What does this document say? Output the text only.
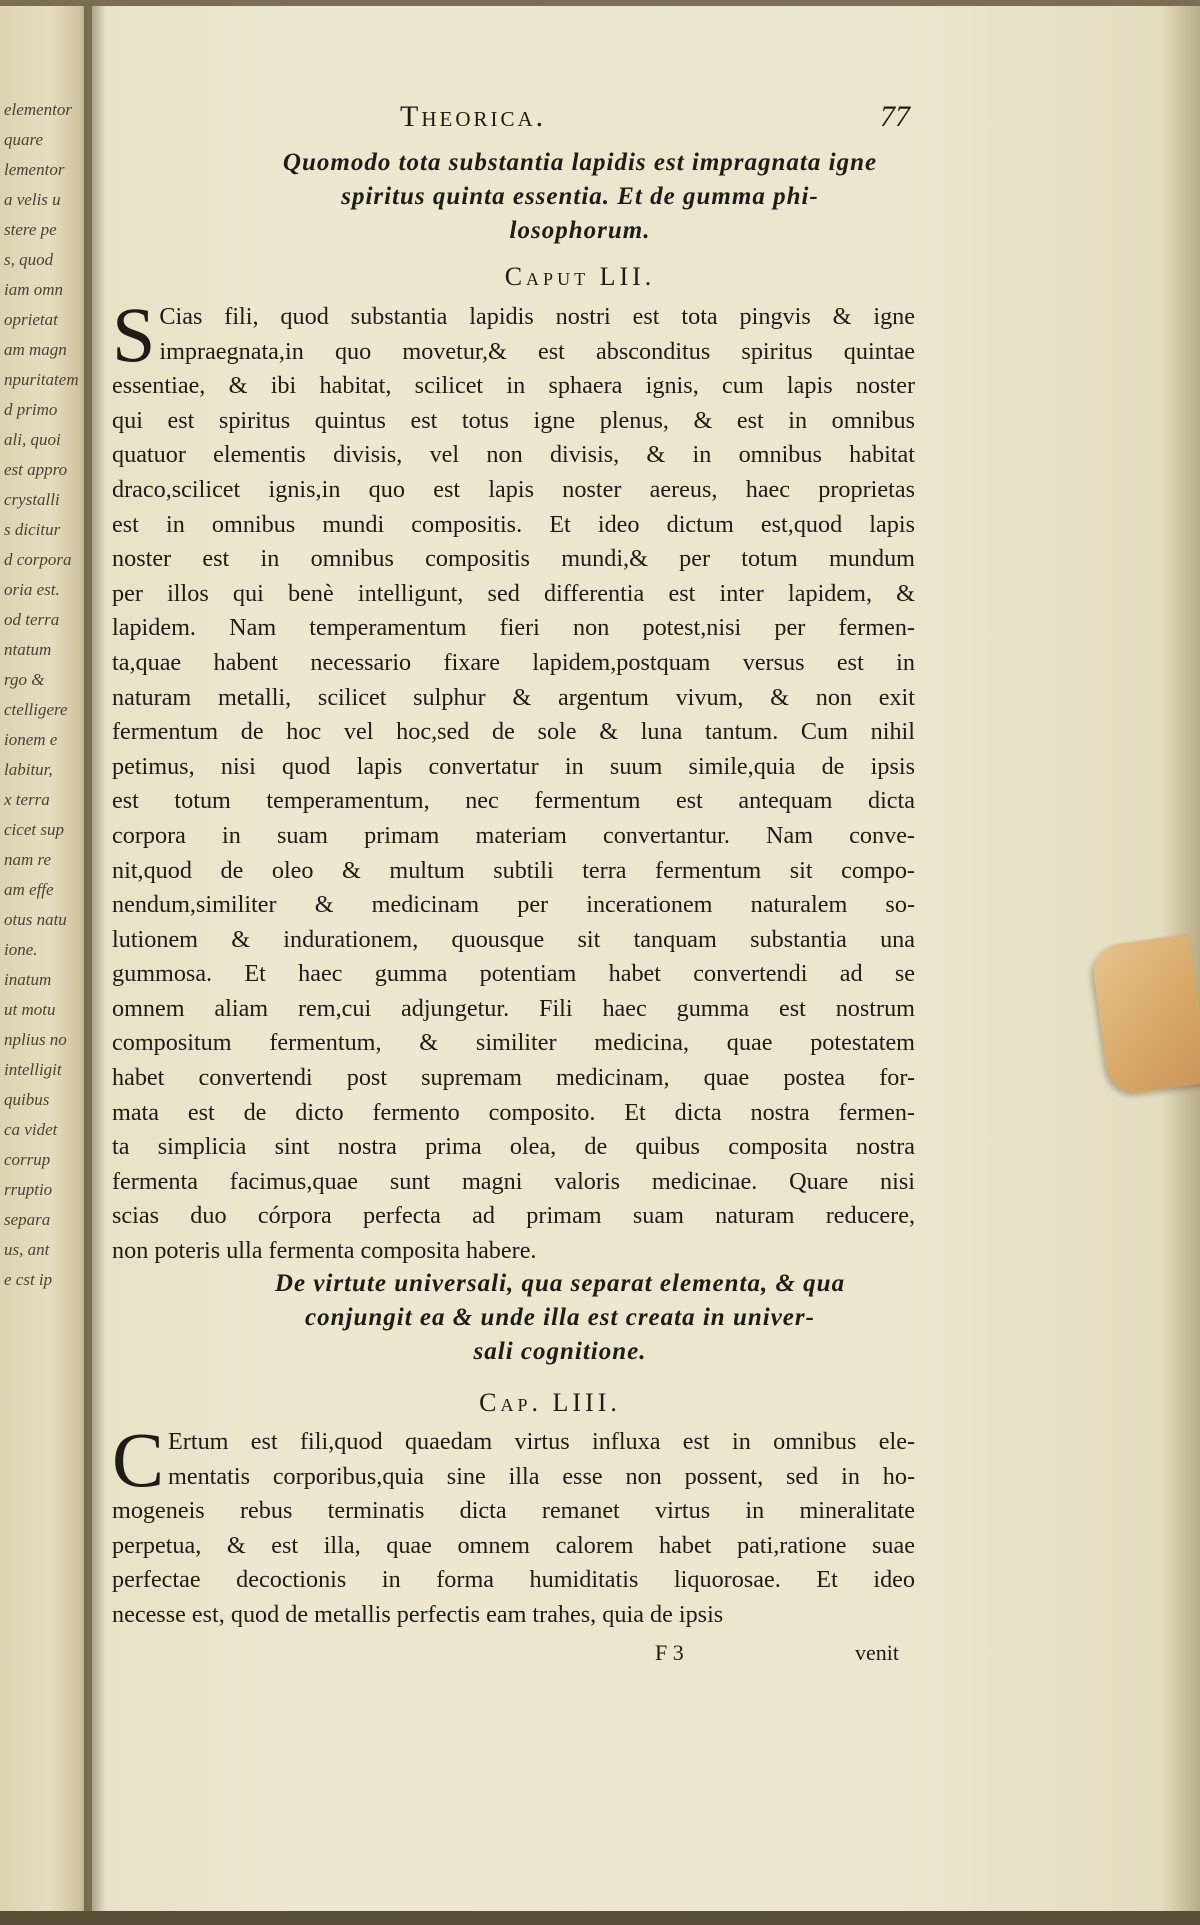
elementor
quare
lementor
a velis u
stere pe
s, quod
iam omn
oprietat
am magn
npuritatem
d primo
ali, quoi
est appro
crystalli
s dicitur
d corpora
oria est.
od terra
ntatum
rgo &
ctelligere
ionem e
labitur,
x terra
cicet sup
nam re
am effe
otus natu
ione.
inatum
ut motu
nplius no
intelligit
quibus
ca videt
corrup
rruptio
separa
us, ant
e cst ip
Theorica.	77
Quomodo tota substantia lapidis est impragnata igne
spiritus quinta essentia. Et de gumma phi-
losophorum.
Caput LII.
S Cias fili, quod substantia lapidis nostri est tota pingvis & igne
impraegnata,in quo movetur,& est absconditus spiritus quintae
essentiae, & ibi habitat, scilicet in sphaera ignis, cum lapis noster
qui est spiritus quintus est totus igne plenus, & est in omnibus
quatuor elementis divisis, vel non divisis, & in omnibus habitat
draco,scilicet ignis,in quo est lapis noster aereus, haec proprietas
est in omnibus mundi compositis. Et ideo dictum est,quod lapis
noster est in omnibus compositis mundi,& per totum mundum
per illos qui benè intelligunt, sed differentia est inter lapidem, &
lapidem. Nam temperamentum fieri non potest,nisi per fermen-
ta,quae habent necessario fixare lapidem,postquam versus est in
naturam metalli, scilicet sulphur & argentum vivum, & non exit
fermentum de hoc vel hoc,sed de sole & luna tantum. Cum nihil
petimus, nisi quod lapis convertatur in suum simile,quia de ipsis
est totum temperamentum, nec fermentum est antequam dicta
corpora in suam primam materiam convertantur. Nam conve-
nit,quod de oleo & multum subtili terra fermentum sit compo-
nendum,similiter & medicinam per incerationem naturalem so-
lutionem & indurationem, quousque sit tanquam substantia una
gummosa. Et haec gumma potentiam habet convertendi ad se
omnem aliam rem,cui adjungetur. Fili haec gumma est nostrum
compositum fermentum, & similiter medicina, quae potestatem
habet convertendi post supremam medicinam, quae postea for-
mata est de dicto fermento composito. Et dicta nostra fermen-
ta simplicia sint nostra prima olea, de quibus composita nostra
fermenta facimus,quae sunt magni valoris medicinae. Quare nisi
scias duo córpora perfecta ad primam suam naturam reducere,
non poteris ulla fermenta composita habere.
De virtute universali, qua separat elementa, & qua
conjungit ea & unde illa est creata in univer-
sali cognitione.
Cap. LIII.
C Ertum est fili,quod quaedam virtus influxa est in omnibus ele-
mentatis corporibus,quia sine illa esse non possent, sed in ho-
mogeneis rebus terminatis dicta remanet virtus in mineralitate
perpetua, & est illa, quae omnem calorem habet pati,ratione suae
perfectae decoctionis in forma humiditatis liquorosae. Et ideo
necesse est, quod de metallis perfectis eam trahes, quia de ipsis
F 3	venit
